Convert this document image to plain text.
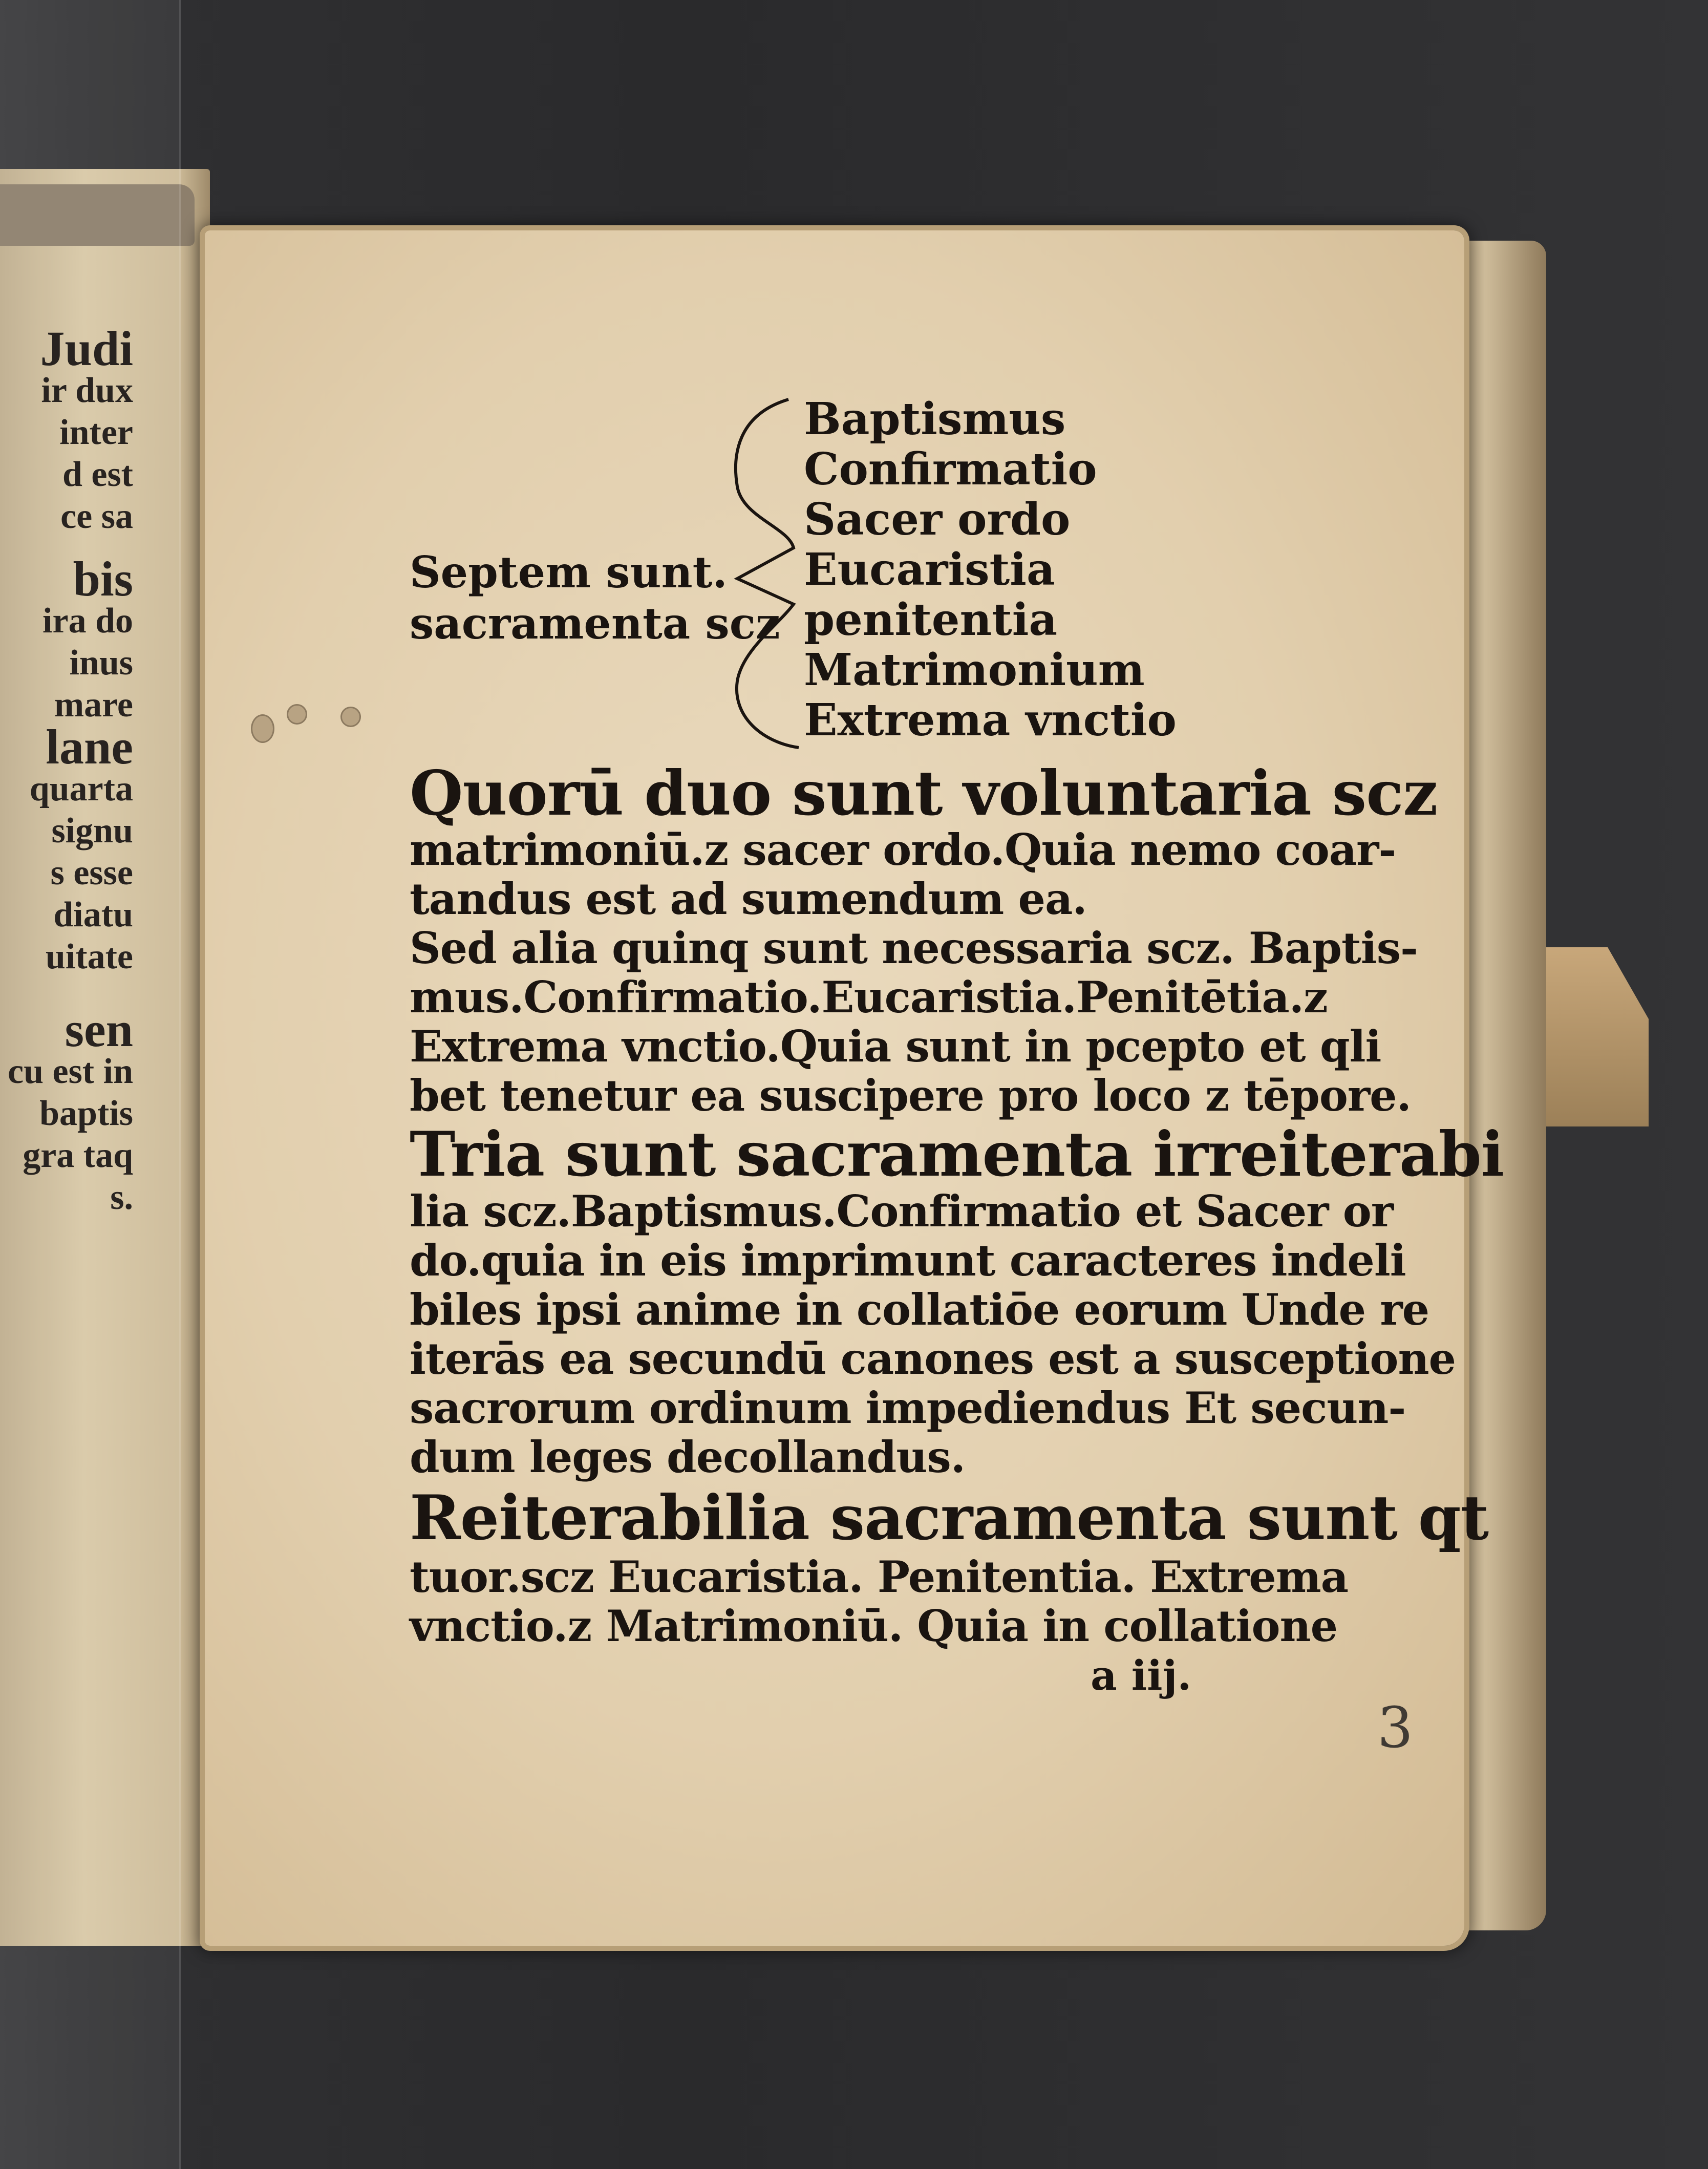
Judi
ir dux
inter
d est
ce sa
bis
ira do
inus
mare
lane
quarta
signu
s esse
diatu
uitate
sen
cu est in
baptis
gra taq
s.
Baptismus
Confirmatio
Sacer ordo
Eucaristia
penitentia
Matrimonium
Extrema vnctio
Septem sunt.
sacramenta scz
Quorū duo sunt voluntaria scz
matrimoniū.z sacer ordo.Quia nemo coar-
tandus est ad sumendum ea.
Sed alia quinq sunt necessaria scz. Baptis-
mus.Confirmatio.Eucaristia.Penitētia.z
Extrema vnctio.Quia sunt in pcepto et qli
bet tenetur ea suscipere pro loco z tēpore.
Tria sunt sacramenta irreiterabi
lia scz.Baptismus.Confirmatio et Sacer or
do.quia in eis imprimunt caracteres indeli
biles ipsi anime in collatiōe eorum Unde re
iterās ea secundū canones est a susceptione
sacrorum ordinum impediendus Et secun-
dum leges decollandus.
Reiterabilia sacramenta sunt qt
tuor.scz Eucaristia. Penitentia. Extrema
vnctio.z Matrimoniū. Quia in collatione
a iij.
3
